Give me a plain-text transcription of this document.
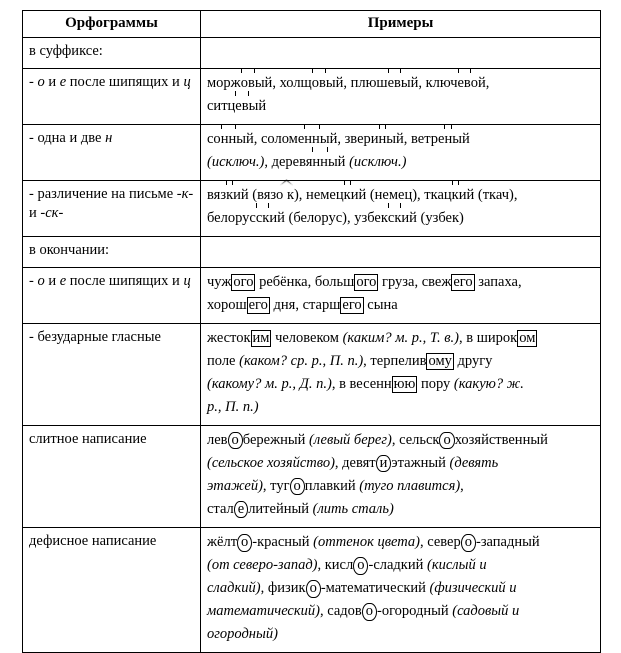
Орфограммы	Примеры
в суффиксе:	
- о и е после шипящих и ц	моржовый, холщовый, плюшевый, ключевой,

ситцевый

- одна и две н	сонный, соломенный, звериный, ветреный

(исключ.), деревянный (исключ.)

- различение на письме -к- и -ск-	вязкий (вязо к), немецкий (немец), ткацкий (ткач),

белорусский (белорус), узбекский (узбек)

в окончании:	
- о и е после шипящих и ц	чуж ого ребёнка, больш ого груза, свеж его запаха,

хорош его дня, старш его сына

- безударные гласные	жесток им человеком (каким? м. р., Т. в.), в широк ом

поле (каком? ср. р., П. п.), терпелив ому другу

(какому? м. р., Д. п.), в весенн юю пору (какую? ж.

р., П. п.)

слитное написание	лев о бережный (левый берег), сельск о хозяйственный

(сельское хозяйство), девят и этажный (девять

этажей), туг о плавкий (туго плавится),

стал е литейный (лить сталь)

дефисное написание	жёлт о -красный (оттенок цвета), север о -западный

(от северо-запад), кисл о -сладкий (кислый и

сладкий), физик о -математический (физический и

математический), садов о -огородный (садовый и

огородный)
